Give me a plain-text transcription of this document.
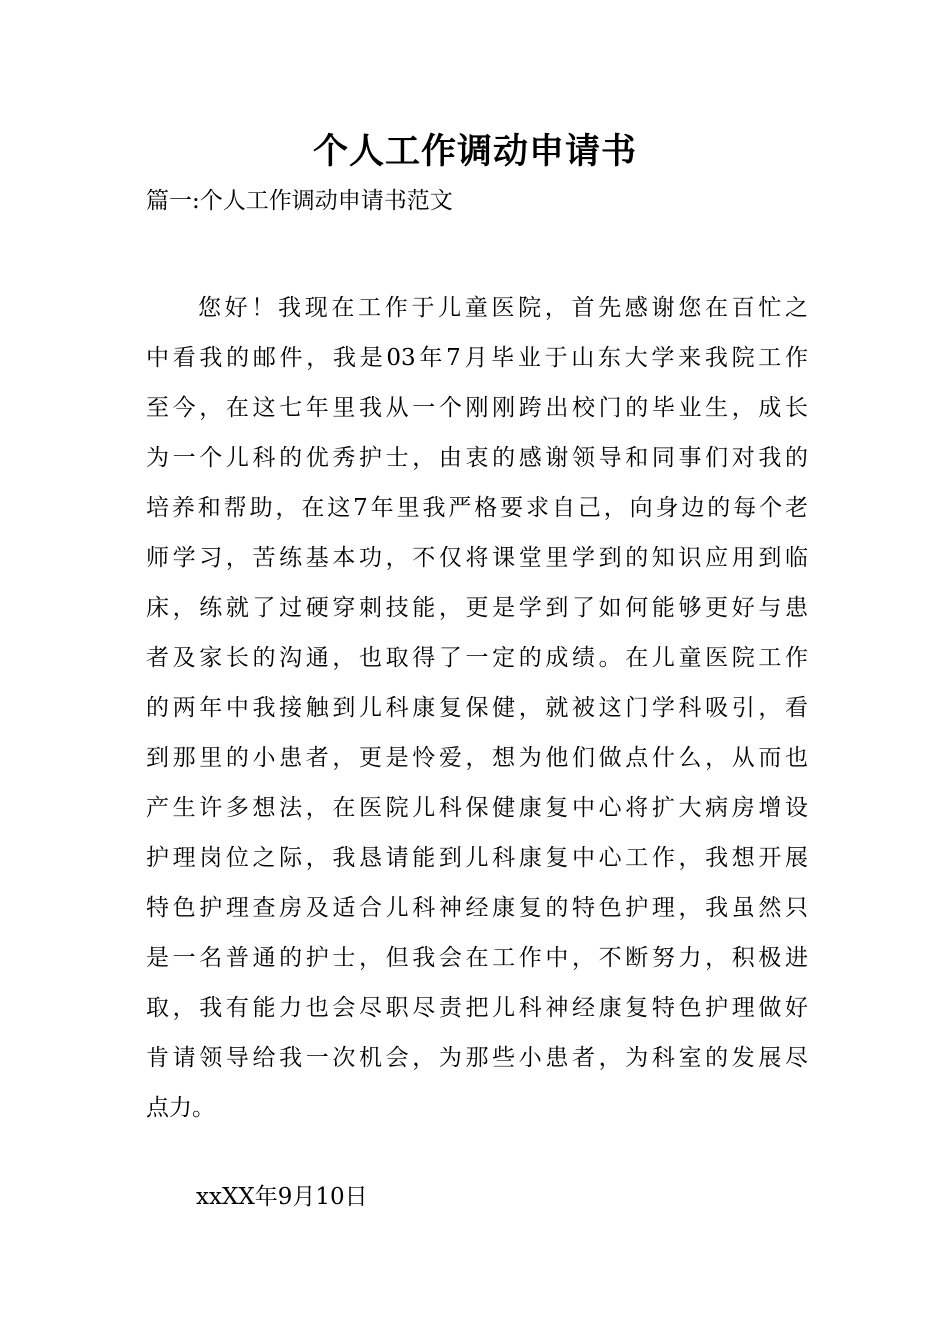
个人工作调动申请书
篇一:个人工作调动申请书范文
您好！我现在工作于儿童医院，首先感谢您在百忙之
中看我的邮件，我是03年7月毕业于山东大学来我院工作
至今，在这七年里我从一个刚刚跨出校门的毕业生，成长
为一个儿科的优秀护士，由衷的感谢领导和同事们对我的
培养和帮助，在这7年里我严格要求自己，向身边的每个老
师学习，苦练基本功，不仅将课堂里学到的知识应用到临
床，练就了过硬穿刺技能，更是学到了如何能够更好与患
者及家长的沟通，也取得了一定的成绩。在儿童医院工作
的两年中我接触到儿科康复保健，就被这门学科吸引，看
到那里的小患者，更是怜爱，想为他们做点什么，从而也
产生许多想法，在医院儿科保健康复中心将扩大病房增设
护理岗位之际，我恳请能到儿科康复中心工作，我想开展
特色护理查房及适合儿科神经康复的特色护理，我虽然只
是一名普通的护士，但我会在工作中，不断努力，积极进
取，我有能力也会尽职尽责把儿科神经康复特色护理做好
肯请领导给我一次机会，为那些小患者，为科室的发展尽
点力。
xxXX年9月10日
